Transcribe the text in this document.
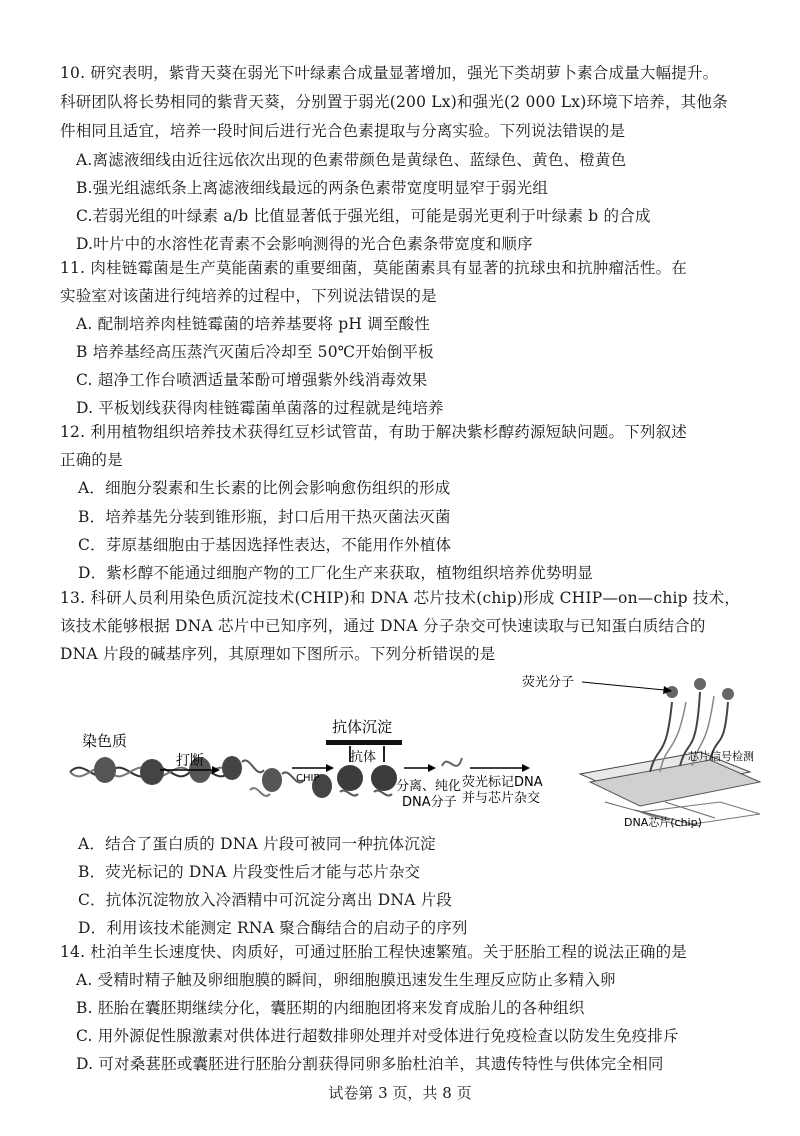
10. 研究表明，紫背天葵在弱光下叶绿素合成量显著增加，强光下类胡萝卜素合成量大幅提升。
科研团队将长势相同的紫背天葵，分别置于弱光(200 Lx)和强光(2 000 Lx)环境下培养，其他条
件相同且适宜，培养一段时间后进行光合色素提取与分离实验。下列说法错误的是
A.离滤液细线由近往远依次出现的色素带颜色是黄绿色、蓝绿色、黄色、橙黄色
B.强光组滤纸条上离滤液细线最远的两条色素带宽度明显窄于弱光组
C.若弱光组的叶绿素 a/b 比值显著低于强光组，可能是弱光更利于叶绿素 b 的合成
D.叶片中的水溶性花青素不会影响测得的光合色素条带宽度和顺序
11. 肉桂链霉菌是生产莫能菌素的重要细菌，莫能菌素具有显著的抗球虫和抗肿瘤活性。在
实验室对该菌进行纯培养的过程中，下列说法错误的是
A. 配制培养肉桂链霉菌的培养基要将 pH 调至酸性
B 培养基经高压蒸汽灭菌后冷却至 50℃开始倒平板
C. 超净工作台喷洒适量苯酚可增强紫外线消毒效果
D. 平板划线获得肉桂链霉菌单菌落的过程就是纯培养
12. 利用植物组织培养技术获得红豆杉试管苗，有助于解决紫杉醇药源短缺问题。下列叙述
正确的是
A．细胞分裂素和生长素的比例会影响愈伤组织的形成
B．培养基先分装到锥形瓶，封口后用干热灭菌法灭菌
C．芽原基细胞由于基因选择性表达，不能用作外植体
D．紫杉醇不能通过细胞产物的工厂化生产来获取，植物组织培养优势明显
13. 科研人员利用染色质沉淀技术(CHIP)和 DNA 芯片技术(chip)形成 CHIP—on—chip 技术，
该技术能够根据 DNA 芯片中已知序列，通过 DNA 分子杂交可快速读取与已知蛋白质结合的
DNA 片段的碱基序列，其原理如下图所示。下列分析错误的是
染色质
打断
CHIP
抗体沉淀
抗体
分离、纯化
DNA分子
荧光标记DNA
并与芯片杂交
荧光分子
芯片信号检测
DNA芯片(chip)
A．结合了蛋白质的 DNA 片段可被同一种抗体沉淀
B．荧光标记的 DNA 片段变性后才能与芯片杂交
C．抗体沉淀物放入冷酒精中可沉淀分离出 DNA 片段
D．利用该技术能测定 RNA 聚合酶结合的启动子的序列
14. 杜泊羊生长速度快、肉质好，可通过胚胎工程快速繁殖。关于胚胎工程的说法正确的是
A. 受精时精子触及卵细胞膜的瞬间，卵细胞膜迅速发生生理反应防止多精入卵
B. 胚胎在囊胚期继续分化，囊胚期的内细胞团将来发育成胎儿的各种组织
C. 用外源促性腺激素对供体进行超数排卵处理并对受体进行免疫检查以防发生免疫排斥
D. 可对桑葚胚或囊胚进行胚胎分割获得同卵多胎杜泊羊，其遗传特性与供体完全相同
试卷第 3 页，共 8 页
